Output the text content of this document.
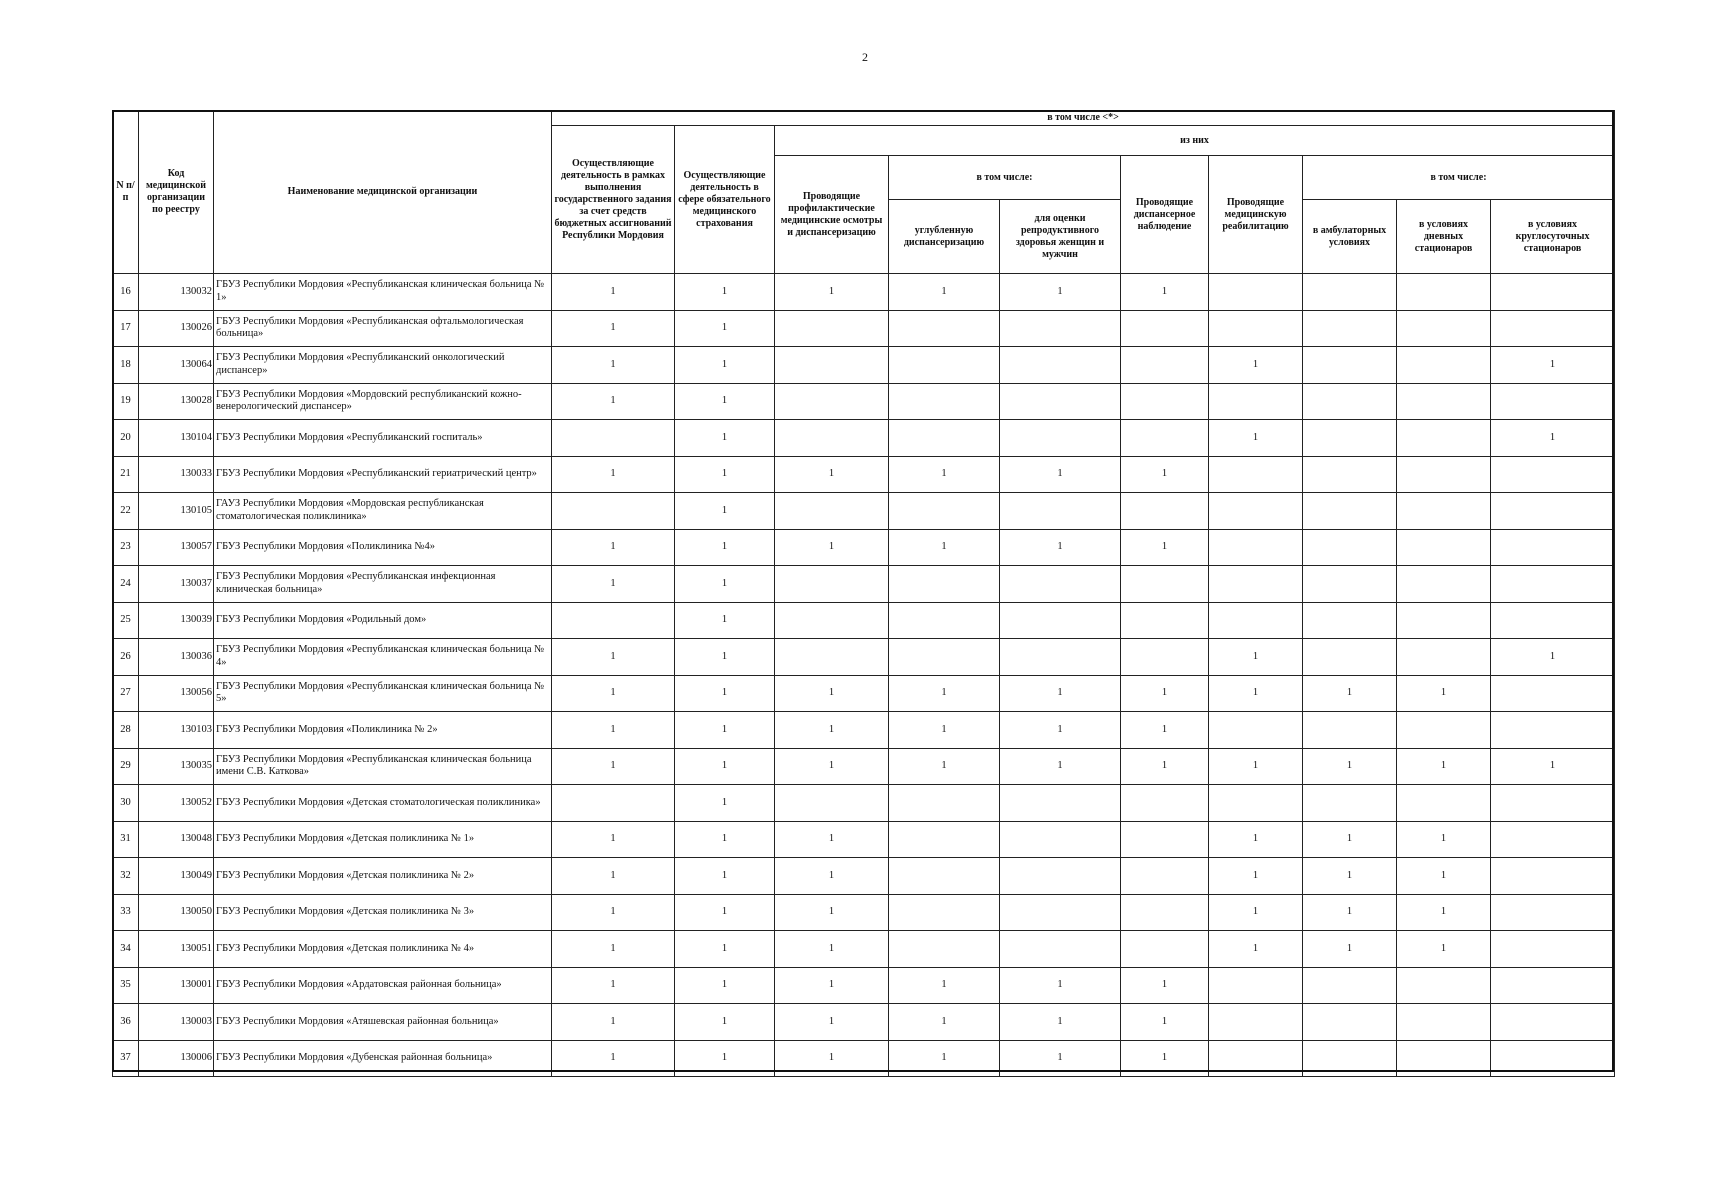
2
N п/п	Код медицинской организации по реестру	Наименование медицинской организации	в том числе <*>									
			Осуществляющие деятельность в рамках выполнения государственного задания за счет средств бюджетных ассигнований Республики Мордовия	Осуществляющие деятельность в сфере обязательного медицинского страхования	из них							
					Проводящие профилактические медицинские осмотры и диспансеризацию	в том числе:		Проводящие диспансерное наблюдение	Проводящие медицинскую реабилитацию	в том числе:		
						углубленную диспансеризацию	для оценки репродуктивного здоровья женщин и мужчин			в амбулаторных условиях	в условиях дневных стационаров	в условиях круглосуточных стационаров
16	130032	ГБУЗ Республики Мордовия «Республиканская клиническая больница № 1»	1	1	1	1	1	1				
17	130026	ГБУЗ Республики Мордовия «Республиканская офтальмологическая больница»	1	1								
18	130064	ГБУЗ Республики Мордовия «Республиканский онкологический диспансер»	1	1					1			1
19	130028	ГБУЗ Республики Мордовия «Мордовский республиканский кожно-венерологический диспансер»	1	1								
20	130104	ГБУЗ Республики Мордовия «Республиканский госпиталь»		1					1			1
21	130033	ГБУЗ Республики Мордовия «Республиканский гериатрический центр»	1	1	1	1	1	1				
22	130105	ГАУЗ Республики Мордовия «Мордовская республиканская стоматологическая поликлиника»		1								
23	130057	ГБУЗ Республики Мордовия «Поликлиника №4»	1	1	1	1	1	1				
24	130037	ГБУЗ Республики Мордовия «Республиканская инфекционная клиническая больница»	1	1								
25	130039	ГБУЗ Республики Мордовия «Родильный дом»		1								
26	130036	ГБУЗ Республики Мордовия «Республиканская клиническая больница № 4»	1	1					1			1
27	130056	ГБУЗ Республики Мордовия «Республиканская клиническая больница № 5»	1	1	1	1	1	1	1	1	1	
28	130103	ГБУЗ Республики Мордовия «Поликлиника № 2»	1	1	1	1	1	1				
29	130035	ГБУЗ Республики Мордовия «Республиканская клиническая больница имени С.В. Каткова»	1	1	1	1	1	1	1	1	1	1
30	130052	ГБУЗ Республики Мордовия «Детская стоматологическая поликлиника»		1								
31	130048	ГБУЗ Республики Мордовия «Детская поликлиника № 1»	1	1	1				1	1	1	
32	130049	ГБУЗ Республики Мордовия «Детская поликлиника № 2»	1	1	1				1	1	1	
33	130050	ГБУЗ Республики Мордовия «Детская поликлиника № 3»	1	1	1				1	1	1	
34	130051	ГБУЗ Республики Мордовия «Детская поликлиника № 4»	1	1	1				1	1	1	
35	130001	ГБУЗ Республики Мордовия «Ардатовская районная больница»	1	1	1	1	1	1				
36	130003	ГБУЗ Республики Мордовия «Атяшевская районная больница»	1	1	1	1	1	1				
37	130006	ГБУЗ Республики Мордовия «Дубенская районная больница»	1	1	1	1	1	1				
